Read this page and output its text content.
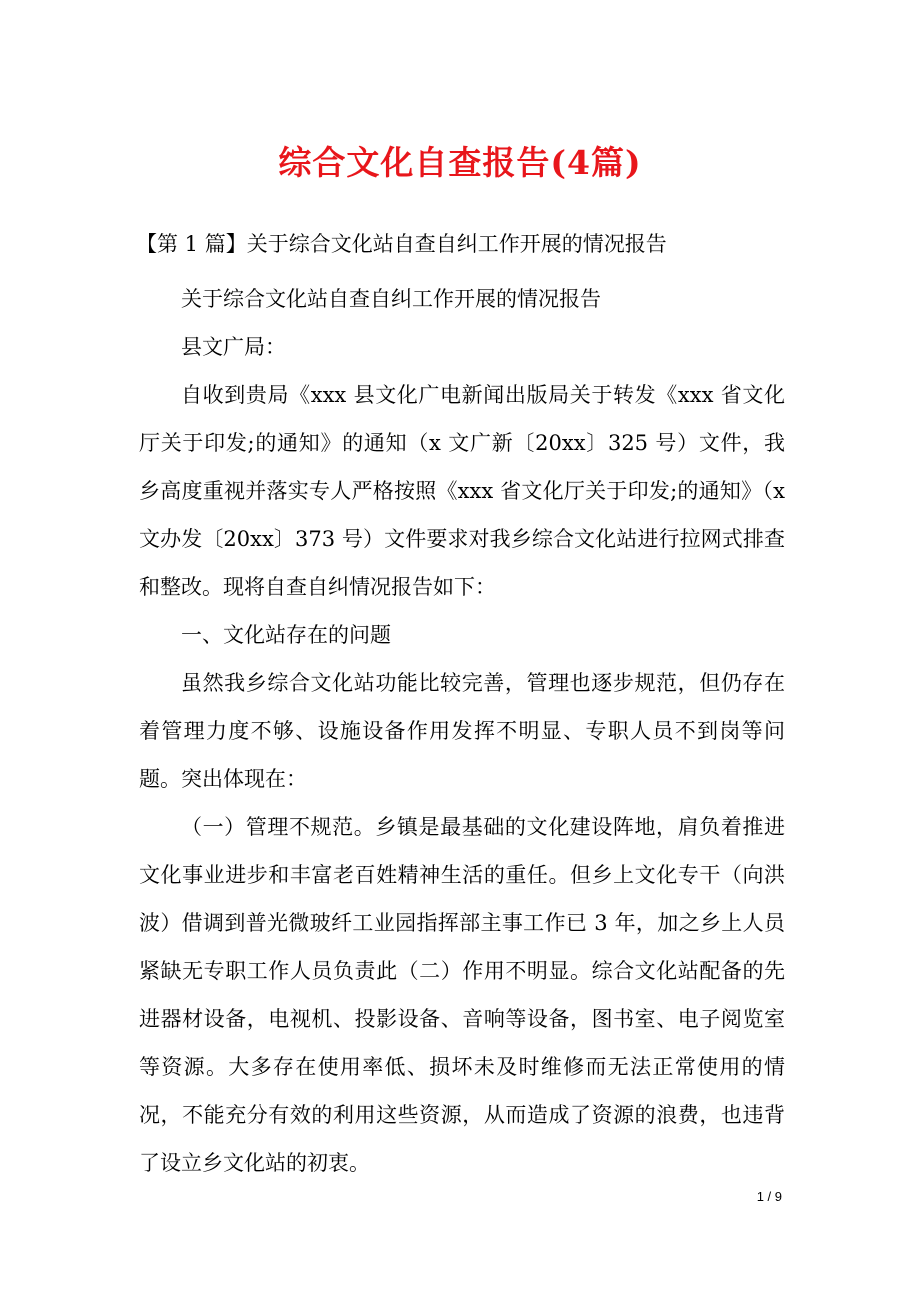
综合文化自查报告(4篇)
【第 1 篇】关于综合文化站自查自纠工作开展的情况报告

关于综合文化站自查自纠工作开展的情况报告

县文广局：

自收到贵局《xxx 县文化广电新闻出版局关于转发《xxx 省文化厅关于印发;的通知》的通知（x 文广新〔20xx〕325 号）文件，我乡高度重视并落实专人严格按照《xxx 省文化厅关于印发;的通知》（x 文办发〔20xx〕373 号）文件要求对我乡综合文化站进行拉网式排查和整改。现将自查自纠情况报告如下：

一、文化站存在的问题

虽然我乡综合文化站功能比较完善，管理也逐步规范，但仍存在着管理力度不够、设施设备作用发挥不明显、专职人员不到岗等问题。突出体现在：

（一）管理不规范。乡镇是最基础的文化建设阵地，肩负着推进文化事业进步和丰富老百姓精神生活的重任。但乡上文化专干（向洪波）借调到普光微玻纤工业园指挥部主事工作已 3 年，加之乡上人员紧缺无专职工作人员负责此（二）作用不明显。综合文化站配备的先进器材设备，电视机、投影设备、音响等设备，图书室、电子阅览室等资源。大多存在使用率低、损坏未及时维修而无法正常使用的情况，不能充分有效的利用这些资源，从而造成了资源的浪费，也违背了设立乡文化站的初衷。

1 / 9
